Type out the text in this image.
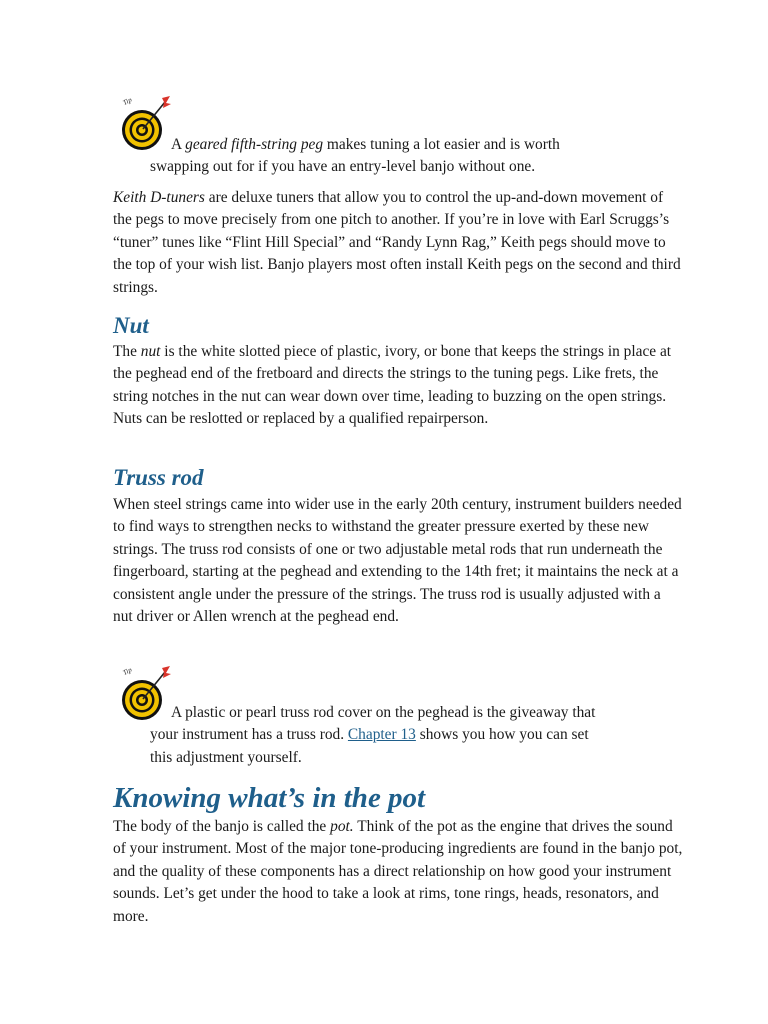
Tip

A geared fifth-string peg makes tuning a lot easier and is worth
swapping out for if you have an entry-level banjo without one.

Keith D-tuners are deluxe tuners that allow you to control the up-and-down movement of the pegs to move precisely from one pitch to another. If you’re in love with Earl Scruggs’s “tuner” tunes like “Flint Hill Special” and “Randy Lynn Rag,” Keith pegs should move to the top of your wish list. Banjo players most often install Keith pegs on the second and third strings.

Nut

The nut is the white slotted piece of plastic, ivory, or bone that keeps the strings in place at the peghead end of the fretboard and directs the strings to the tuning pegs. Like frets, the string notches in the nut can wear down over time, leading to buzzing on the open strings. Nuts can be reslotted or replaced by a qualified repairperson.

Truss rod

When steel strings came into wider use in the early 20th century, instrument builders needed to find ways to strengthen necks to withstand the greater pressure exerted by these new strings. The truss rod consists of one or two adjustable metal rods that run underneath the fingerboard, starting at the peghead and extending to the 14th fret; it maintains the neck at a consistent angle under the pressure of the strings. The truss rod is usually adjusted with a nut driver or Allen wrench at the peghead end.

Tip

A plastic or pearl truss rod cover on the peghead is the giveaway that
your instrument has a truss rod. Chapter 13 shows you how you can set
this adjustment yourself.

Knowing what’s in the pot

The body of the banjo is called the pot. Think of the pot as the engine that drives the sound of your instrument. Most of the major tone-producing ingredients are found in the banjo pot, and the quality of these components has a direct relationship on how good your instrument sounds. Let’s get under the hood to take a look at rims, tone rings, heads, resonators, and more.
